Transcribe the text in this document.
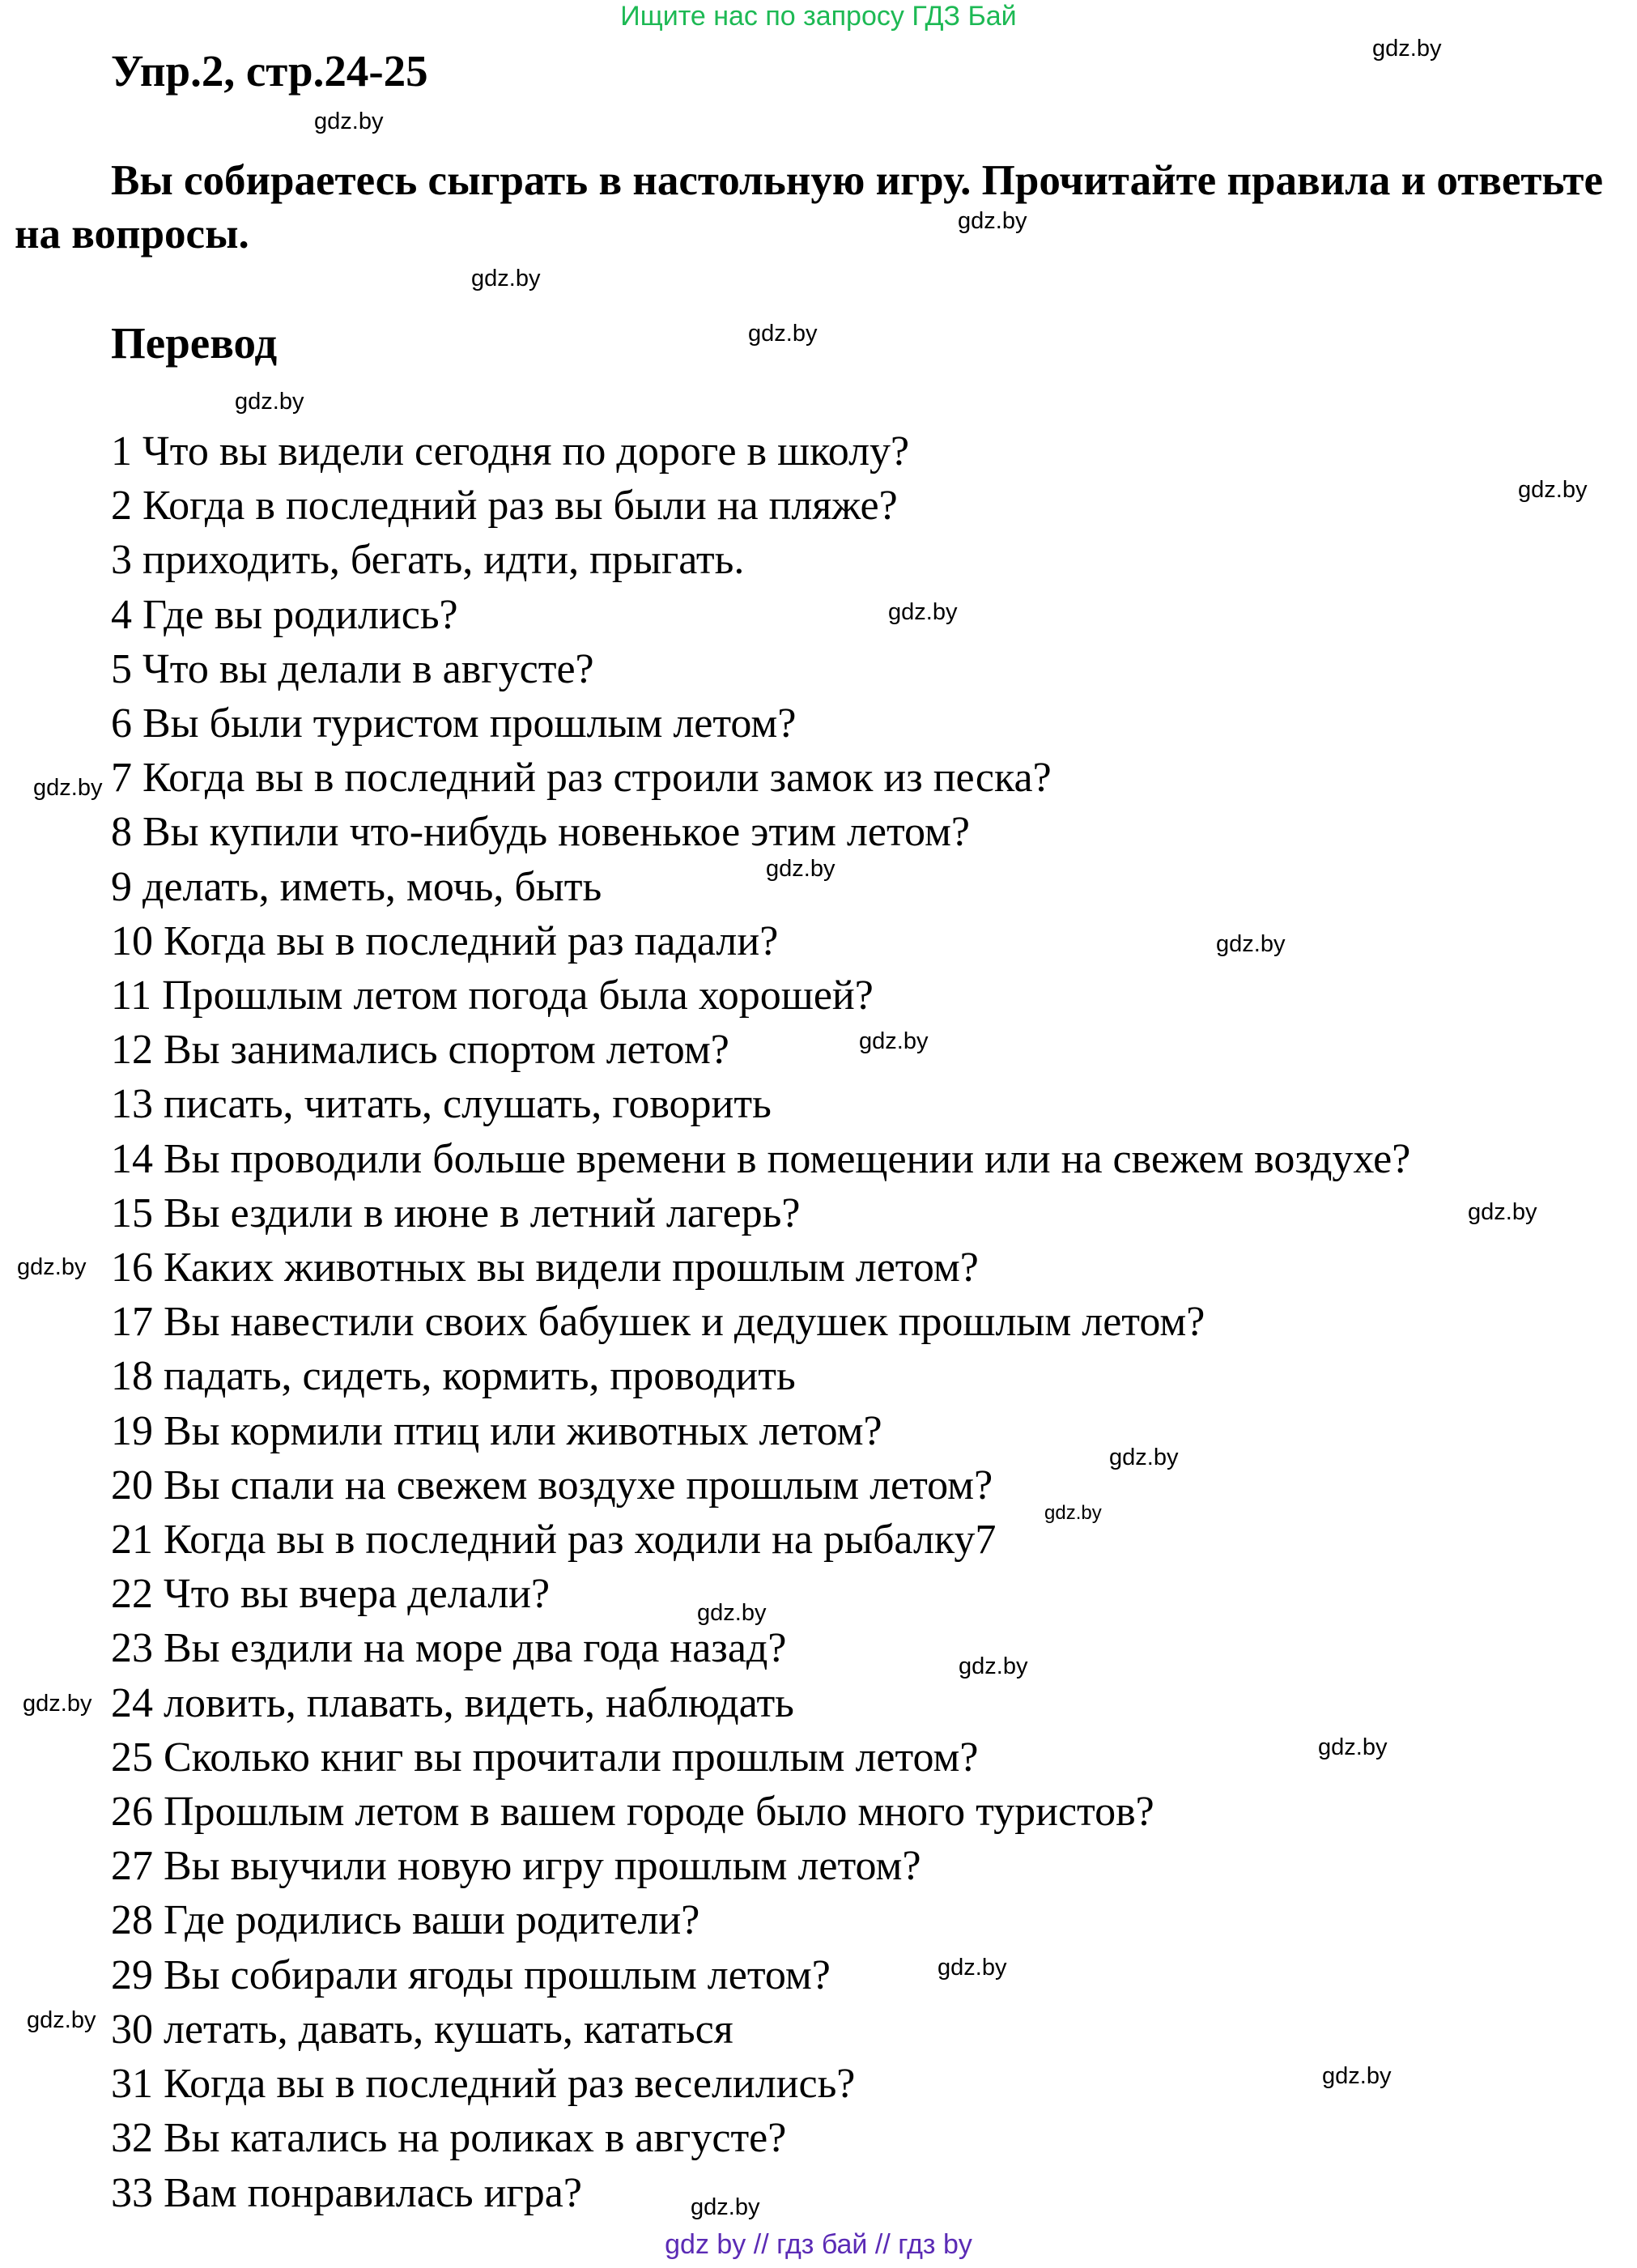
Ищите нас по запросу ГДЗ Бай
Упр.2, стр.24-25
Вы собираетесь сыграть в настольную игру. Прочитайте правила и ответьте на вопросы.
Перевод
1 Что вы видели сегодня по дороге в школу?
2 Когда в последний раз вы были на пляже?
3 приходить, бегать, идти, прыгать.
4 Где вы родились?
5 Что вы делали в августе?
6 Вы были туристом прошлым летом?
7 Когда вы в последний раз строили замок из песка?
8 Вы купили что-нибудь новенькое этим летом?
9 делать, иметь, мочь, быть
10 Когда вы в последний раз падали?
11 Прошлым летом погода была хорошей?
12 Вы занимались спортом летом?
13 писать, читать, слушать, говорить
14 Вы проводили больше времени в помещении или на свежем воздухе?
15 Вы ездили в июне в летний лагерь?
16 Каких животных вы видели прошлым летом?
17 Вы навестили своих бабушек и дедушек прошлым летом?
18 падать, сидеть, кормить, проводить
19 Вы кормили птиц или животных летом?
20 Вы спали на свежем воздухе прошлым летом?
21 Когда вы в последний раз ходили на рыбалку7
22 Что вы вчера делали?
23 Вы ездили на море два года назад?
24 ловить, плавать, видеть, наблюдать
25 Сколько книг вы прочитали прошлым летом?
26 Прошлым летом в вашем городе было много туристов?
27 Вы выучили новую игру прошлым летом?
28 Где родились ваши родители?
29 Вы собирали ягоды прошлым летом?
30 летать, давать, кушать, кататься
31 Когда вы в последний раз веселились?
32 Вы катались на роликах в августе?
33 Вам понравилась игра?
gdz.by
gdz.by
gdz.by
gdz.by
gdz.by
gdz.by
gdz.by
gdz.by
gdz.by
gdz.by
gdz.by
gdz.by
gdz.by
gdz.by
gdz.by
gdz.by
gdz.by
gdz.by
gdz.by
gdz.by
gdz.by
gdz.by
gdz.by
gdz.by
gdz by // гдз бай // гдз by
